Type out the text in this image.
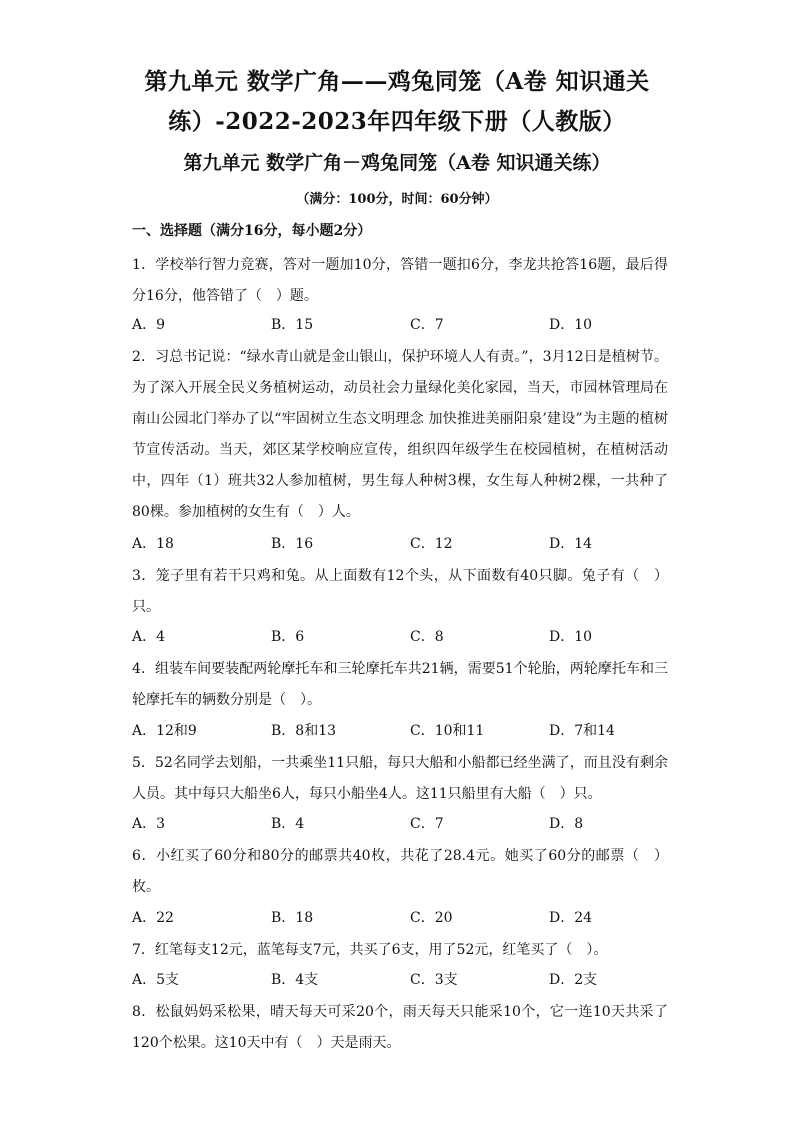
第九单元 数学广角——鸡兔同笼（A卷 知识通关练）-2022-2023年四年级下册（人教版）
第九单元 数学广角－鸡兔同笼（A卷 知识通关练）
（满分：100分，时间：60分钟）
一、选择题（满分16分，每小题2分）
1．学校举行智力竞赛，答对一题加10分，答错一题扣6分，李龙共抢答16题，最后得分16分，他答错了（　）题。
A．9	B．15	C．7	D．10
2．习总书记说：“绿水青山就是金山银山，保护环境人人有责。”，3月12日是植树节。为了深入开展全民义务植树运动，动员社会力量绿化美化家园，当天，市园林管理局在南山公园北门举办了以“牢固树立生态文明理念 加快推进美丽阳泉’建设”为主题的植树节宣传活动。当天，郊区某学校响应宣传，组织四年级学生在校园植树，在植树活动中，四年（1）班共32人参加植树，男生每人种树3棵，女生每人种树2棵，一共种了80棵。参加植树的女生有（　）人。
A．18	B．16	C．12	D．14
3．笼子里有若干只鸡和兔。从上面数有12个头，从下面数有40只脚。兔子有（　）只。
A．4	B．6	C．8	D．10
4．组装车间要装配两轮摩托车和三轮摩托车共21辆，需要51个轮胎，两轮摩托车和三轮摩托车的辆数分别是（　）。
A．12和9	B．8和13	C．10和11	D．7和14
5．52名同学去划船，一共乘坐11只船，每只大船和小船都已经坐满了，而且没有剩余人员。其中每只大船坐6人，每只小船坐4人。这11只船里有大船（　）只。
A．3	B．4	C．7	D．8
6．小红买了60分和80分的邮票共40枚，共花了28.4元。她买了60分的邮票（　）枚。
A．22	B．18	C．20	D．24
7．红笔每支12元，蓝笔每支7元，共买了6支，用了52元，红笔买了（　）。
A．5支	B．4支	C．3支	D．2支
8．松鼠妈妈采松果，晴天每天可采20个，雨天每天只能采10个，它一连10天共采了120个松果。这10天中有（　）天是雨天。
